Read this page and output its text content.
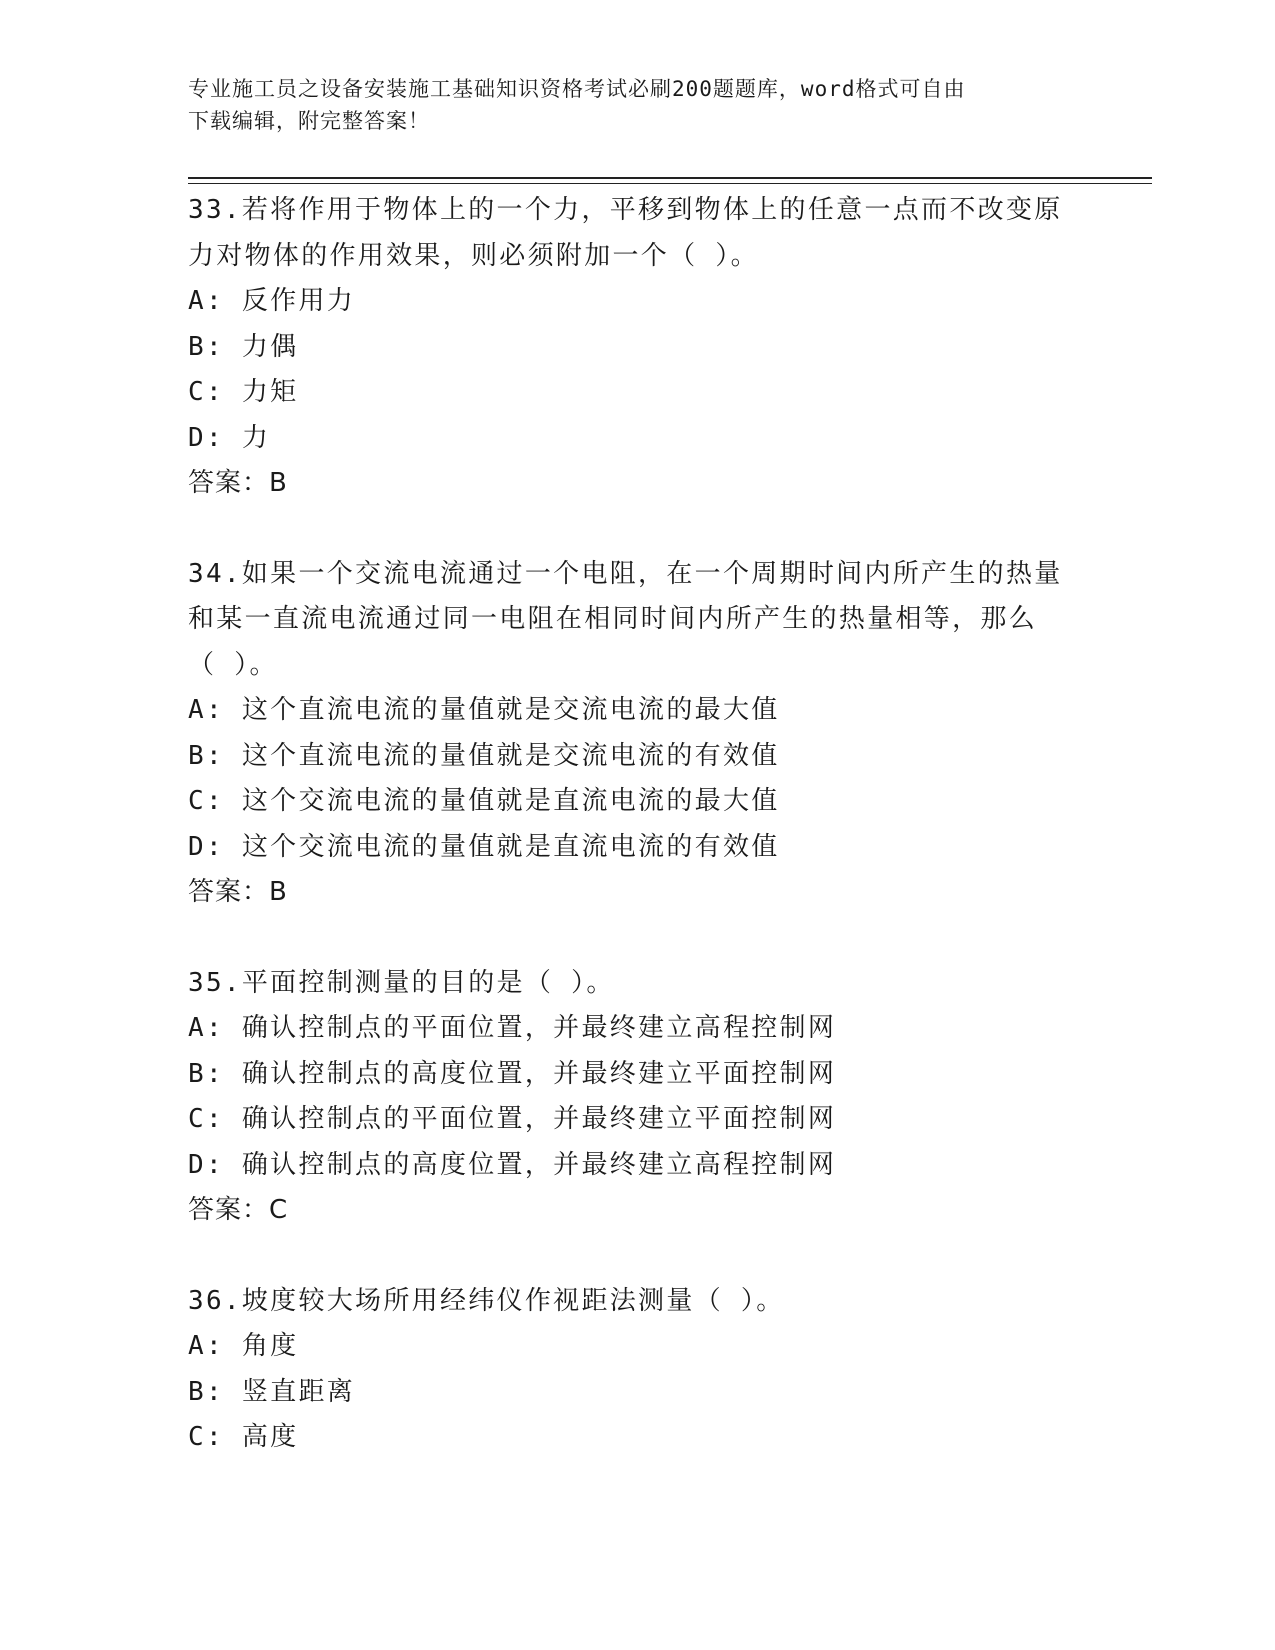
专业施工员之设备安装施工基础知识资格考试必刷200题题库，word格式可自由
下载编辑，附完整答案！
33.若将作用于物体上的一个力，平移到物体上的任意一点而不改变原
力对物体的作用效果，则必须附加一个（ ）。
A: 反作用力
B: 力偶
C: 力矩
D: 力
答案：B
34.如果一个交流电流通过一个电阻，在一个周期时间内所产生的热量
和某一直流电流通过同一电阻在相同时间内所产生的热量相等，那么
（ ）。
A: 这个直流电流的量值就是交流电流的最大值
B: 这个直流电流的量值就是交流电流的有效值
C: 这个交流电流的量值就是直流电流的最大值
D: 这个交流电流的量值就是直流电流的有效值
答案：B
35.平面控制测量的目的是（ ）。
A: 确认控制点的平面位置，并最终建立高程控制网
B: 确认控制点的高度位置，并最终建立平面控制网
C: 确认控制点的平面位置，并最终建立平面控制网
D: 确认控制点的高度位置，并最终建立高程控制网
答案：C
36.坡度较大场所用经纬仪作视距法测量（ ）。
A: 角度
B: 竖直距离
C: 高度
